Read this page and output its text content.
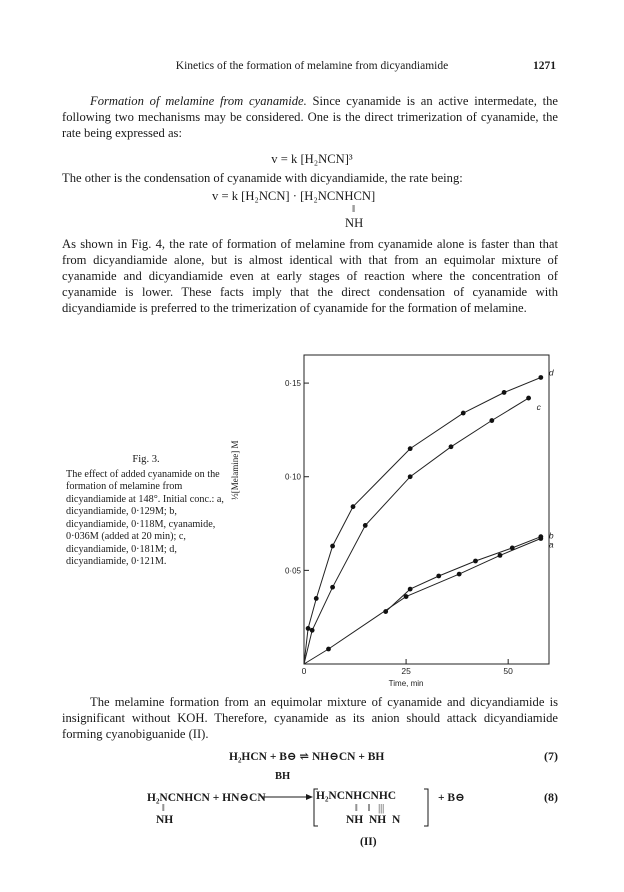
Kinetics of the formation of melamine from dicyandiamide	1271

Formation of melamine from cyanamide. Since cyanamide is an active intermedate, the following two mechanisms may be considered. One is the direct trimerization of cyanamide, the rate being expressed as:

v = k [H₂NCN]³

The other is the condensation of cyanamide with dicyandiamide, the rate being:

v = k [H₂NCN] · [H₂NCNHCN]
‖
NH

As shown in Fig. 4, the rate of formation of melamine from cyanamide alone is faster than that from dicyandiamide alone, but is almost identical with that from an equimolar mixture of cyanamide and dicyandiamide even at early stages of reaction where the concentration of cyanamide is lower. These facts imply that the direct condensation of cyanamide with dicyandiamide is preferred to the trimerization of cyanamide for the formation of melamine.

Fig. 3.
The effect of added cyanamide on the formation of melamine from dicyandiamide at 148°. Initial conc.: a, dicyandiamide, 0·129M; b, dicyandiamide, 0·118M, cyanamide, 0·036M (added at 20 min); c, dicyandiamide, 0·181M; d, dicyandiamide, 0·121M.
⅓[Melamine] M
0	25	50
0·05
0·10
0·15
Time, min
a
b
c
d

The melamine formation from an equimolar mixture of cyanamide and dicyandiamide is insignificant without KOH. Therefore, cyanamide as its anion should attack dicyandiamide forming cyanobiguanide (II).

H₂HCN + B⊖ ⇌ NH⊖CN + BH	(7)
BH
H₂NCNHCN + HN⊖CN	H₂NCNHCNHC	+ B⊖	(8)
‖
NH
‖    ‖   |||
NH  NH  N
(II)
